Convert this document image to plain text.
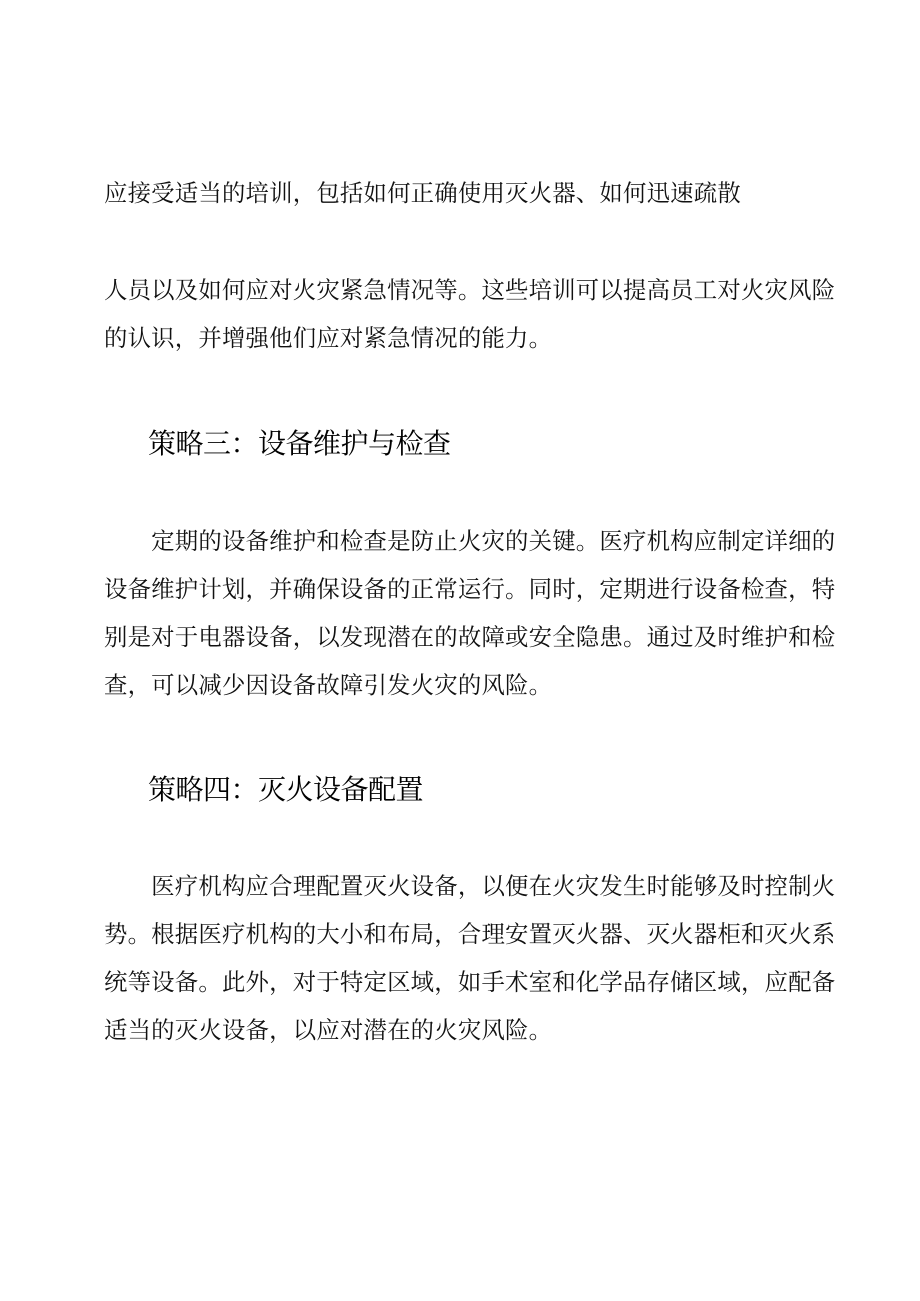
应接受适当的培训，包括如何正确使用灭火器、如何迅速疏散
人员以及如何应对火灾紧急情况等。这些培训可以提高员工对火灾风险
的认识，并增强他们应对紧急情况的能力。
策略三：设备维护与检查
　　定期的设备维护和检查是防止火灾的关键。医疗机构应制定详细的
设备维护计划，并确保设备的正常运行。同时，定期进行设备检查，特
别是对于电器设备，以发现潜在的故障或安全隐患。通过及时维护和检
查，可以减少因设备故障引发火灾的风险。
策略四：灭火设备配置
　　医疗机构应合理配置灭火设备，以便在火灾发生时能够及时控制火
势。根据医疗机构的大小和布局，合理安置灭火器、灭火器柜和灭火系
统等设备。此外，对于特定区域，如手术室和化学品存储区域，应配备
适当的灭火设备，以应对潜在的火灾风险。
